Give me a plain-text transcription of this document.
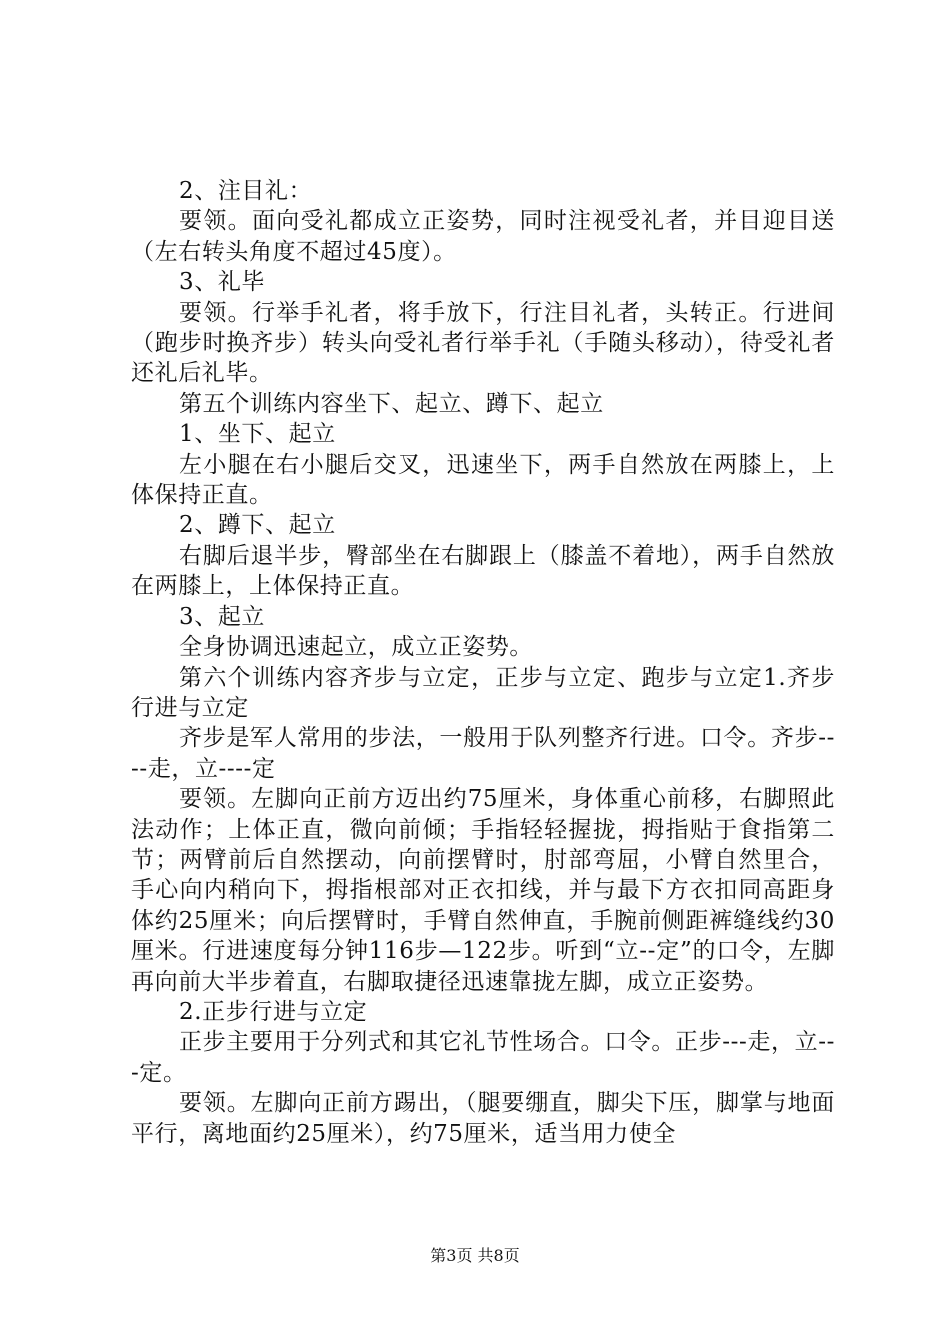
2、注目礼：

要领。面向受礼都成立正姿势，同时注视受礼者，并目迎目送（左右转头角度不超过45度）。

3、礼毕

要领。行举手礼者，将手放下，行注目礼者，头转正。行进间（跑步时换齐步）转头向受礼者行举手礼（手随头移动），待受礼者还礼后礼毕。

第五个训练内容坐下、起立、蹲下、起立

1、坐下、起立

左小腿在右小腿后交叉，迅速坐下，两手自然放在两膝上，上体保持正直。

2、蹲下、起立

右脚后退半步，臀部坐在右脚跟上（膝盖不着地），两手自然放在两膝上，上体保持正直。

3、起立

全身协调迅速起立，成立正姿势。

第六个训练内容齐步与立定，正步与立定、跑步与立定1.齐步行进与立定

齐步是军人常用的步法，一般用于队列整齐行进。口令。齐步----走，立----定

要领。左脚向正前方迈出约75厘米，身体重心前移，右脚照此法动作；上体正直，微向前倾；手指轻轻握拢，拇指贴于食指第二节；两臂前后自然摆动，向前摆臂时，肘部弯屈，小臂自然里合，手心向内稍向下，拇指根部对正衣扣线，并与最下方衣扣同高距身体约25厘米；向后摆臂时，手臂自然伸直，手腕前侧距裤缝线约30厘米。行进速度每分钟116步—122步。听到“立--定”的口令，左脚再向前大半步着直，右脚取捷径迅速靠拢左脚，成立正姿势。

2.正步行进与立定

正步主要用于分列式和其它礼节性场合。口令。正步---走，立---定。

要领。左脚向正前方踢出，（腿要绷直，脚尖下压，脚掌与地面平行，离地面约25厘米），约75厘米，适当用力使全

第3页 共8页
